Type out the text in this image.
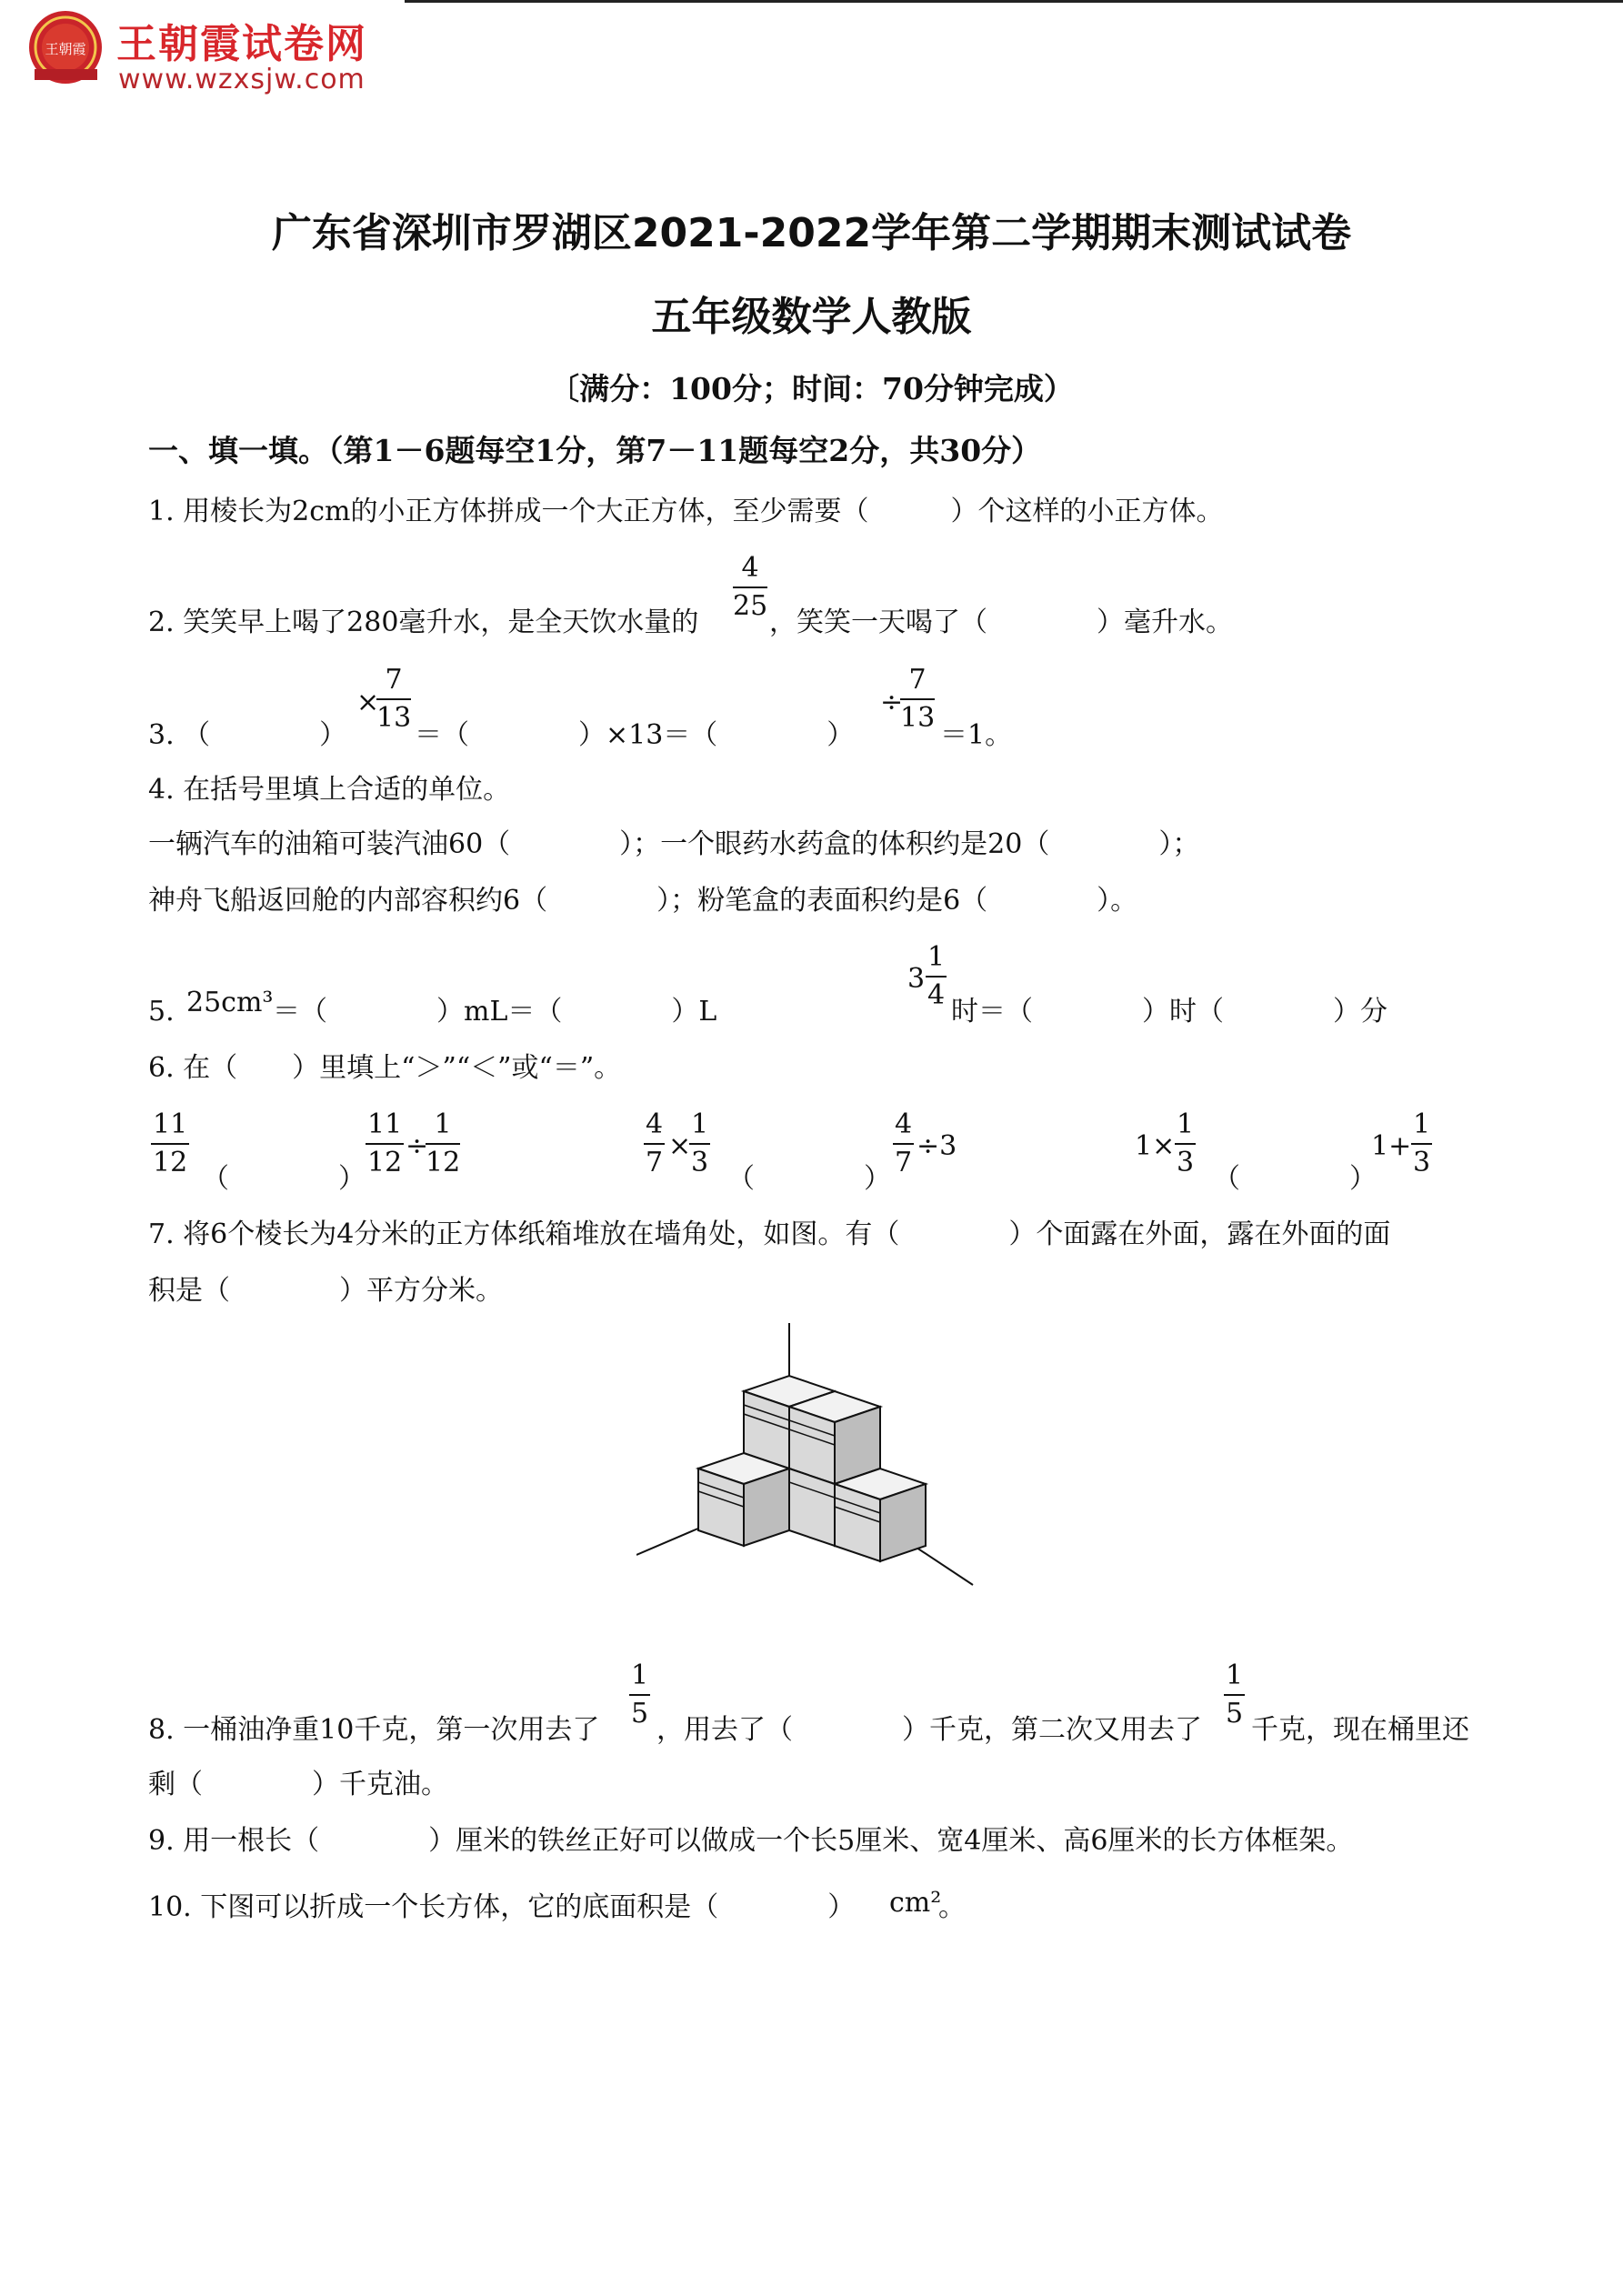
王朝霞 王朝霞试卷网
www.wzxsjw.com
广东省深圳市罗湖区2021-2022学年第二学期期末测试试卷
五年级数学人教版
〔满分：100分；时间：70分钟完成）
一、填一填。（第1－6题每空1分，第7－11题每空2分，共30分）
1. 用棱长为2cm的小正方体拼成一个大正方体，至少需要（　　　）个这样的小正方体。
2. 笑笑早上喝了280毫升水，是全天饮水量的
$\frac{4}{25}$
，笑笑一天喝了（　　　　）毫升水。
3. （　　　　）
×
$\frac{7}{13}$
＝（　　　　）×13＝（　　　　）
÷
$\frac{7}{13}$
＝1。
4. 在括号里填上合适的单位。
一辆汽车的油箱可装汽油60（　　　　）；一个眼药水药盒的体积约是20（　　　　）；
神舟飞船返回舱的内部容积约6（　　　　）；粉笔盒的表面积约是6（　　　　）。
5. 25cm³ ＝（　　　　）mL＝（　　　　）L
$3 \frac{1}{4}$
时＝（　　　　）时（　　　　）分
6. 在（　　）里填上“＞”“＜”或“＝”。
$\frac{11}{12}$
（　　　　）
$\frac{11}{12}$ ÷
$\frac{1}{12}$	$\frac{4}{7}$ ×
$\frac{1}{3}$
（　　　　）
$\frac{4}{7} \div 3$	$1\times \frac{1}{3}$
（　　　　）
$1+ \frac{1}{3}$
7. 将6个棱长为4分米的正方体纸箱堆放在墙角处，如图。有（　　　　）个面露在外面，露在外面的面
积是（　　　　）平方分米。
8. 一桶油净重10千克，第一次用去了
$\frac{1}{5}$
，用去了（　　　　）千克，第二次又用去了
$\frac{1}{5}$
千克，现在桶里还
剩（　　　　）千克油。
9. 用一根长（　　　　）厘米的铁丝正好可以做成一个长5厘米、宽4厘米、高6厘米的长方体框架。
10. 下图可以折成一个长方体，它的底面积是（　　　　） cm²
。
